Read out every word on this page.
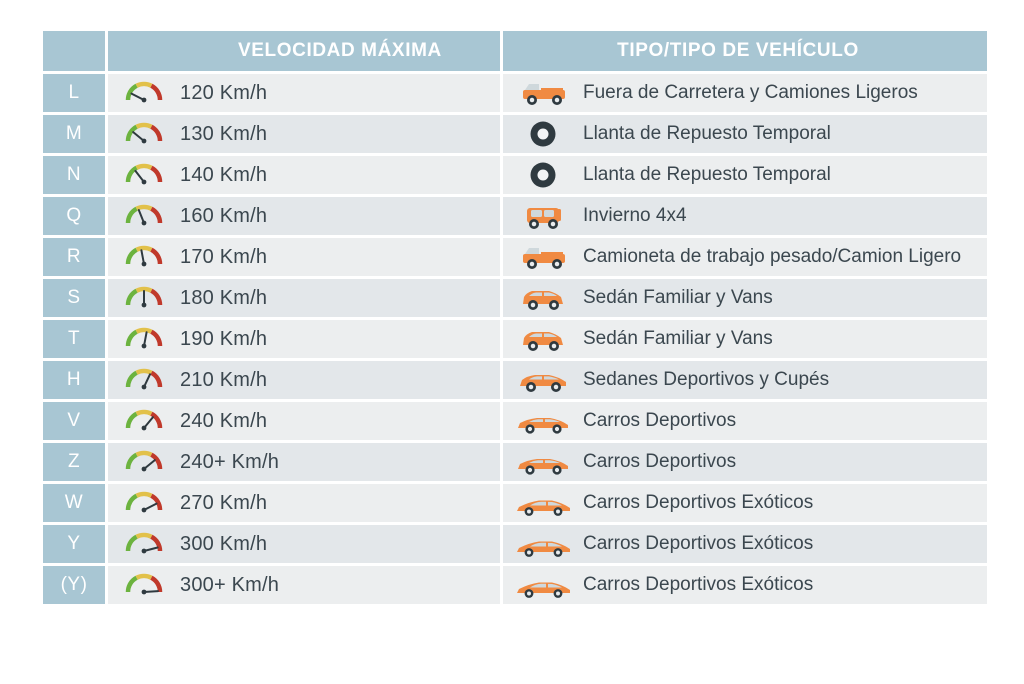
	VELOCIDAD MÁXIMA	TIPO/TIPO DE VEHÍCULO
L	120 Km/h	Fuera de Carretera y Camiones Ligeros

M	130 Km/h	Llanta de Repuesto Temporal

N	140 Km/h	Llanta de Repuesto Temporal

Q	160 Km/h	Invierno 4x4

R	170 Km/h	Camioneta de trabajo pesado/Camion Ligero

S	180 Km/h	Sedán Familiar y Vans

T	190 Km/h	Sedán Familiar y Vans

H	210 Km/h	Sedanes Deportivos y Cupés

V	240 Km/h	Carros Deportivos

Z	240+ Km/h	Carros Deportivos

W	270 Km/h	Carros Deportivos Exóticos

Y	300 Km/h	Carros Deportivos Exóticos

(Y)	300+ Km/h	Carros Deportivos Exóticos
